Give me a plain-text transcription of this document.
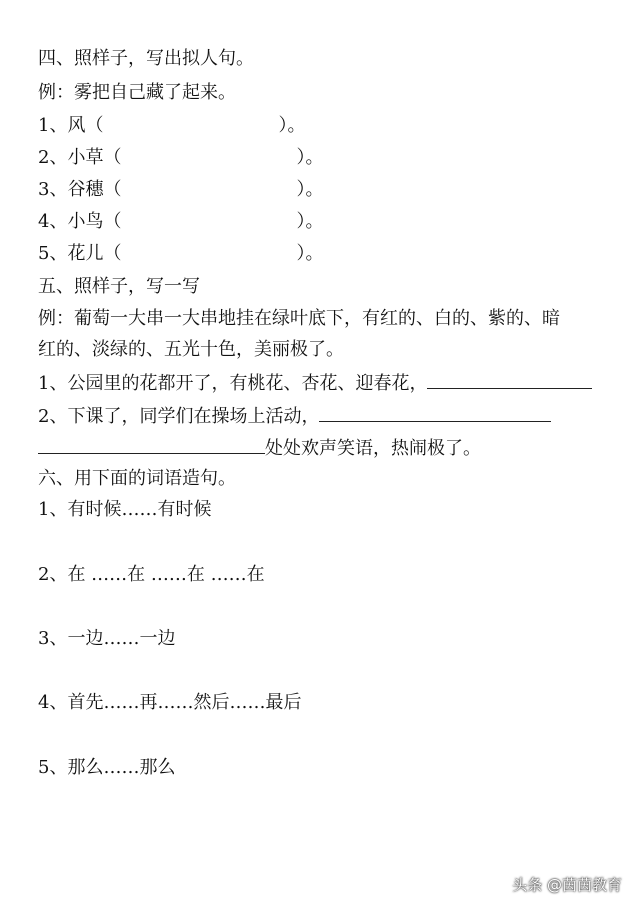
四、照样子，写出拟人句。
例：雾把自己藏了起来。
1、风（	）。
2、小草（	）。
3、谷穗（	）。
4、小鸟（	）。
5、花儿（	）。
五、照样子，写一写
例：葡萄一大串一大串地挂在绿叶底下，有红的、白的、紫的、暗
红的、淡绿的、五光十色，美丽极了。
1、公园里的花都开了，有桃花、杏花、迎春花，
2、下课了，同学们在操场上活动，
处处欢声笑语，热闹极了。
六、用下面的词语造句。
1、有时候……有时候
2、在 ……在 ……在 ……在
3、一边……一边
4、首先……再……然后……最后
5、那么……那么
头条 @茵茵教育
